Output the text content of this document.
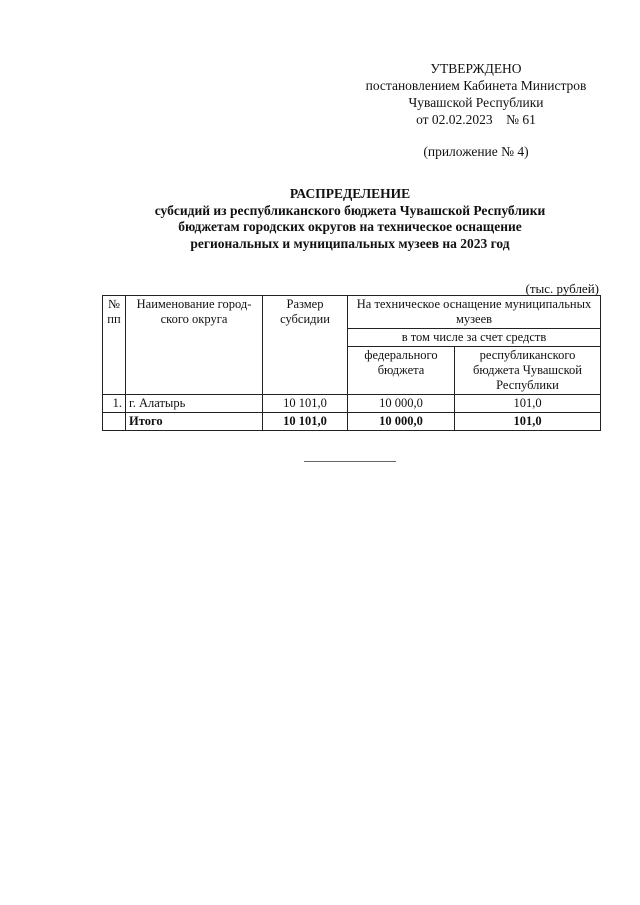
УТВЕРЖДЕНО
постановлением Кабинета Министров
Чувашской Республики
от 02.02.2023    № 61
(приложение № 4)
РАСПРЕДЕЛЕНИЕ
субсидий из республиканского бюджета Чувашской Республики
бюджетам городских округов на техническое оснащение
региональных и муниципальных музеев на 2023 год
(тыс. рублей)
№ пп	Наименование город-ского округа	Размер субсидии	На техническое оснащение муниципальных музеев	
			в том числе за счет средств	
			федерального бюджета	республиканского бюджета Чувашской Республики
1.	г. Алатырь	10 101,0	10 000,0	101,0
	Итого	10 101,0	10 000,0	101,0
